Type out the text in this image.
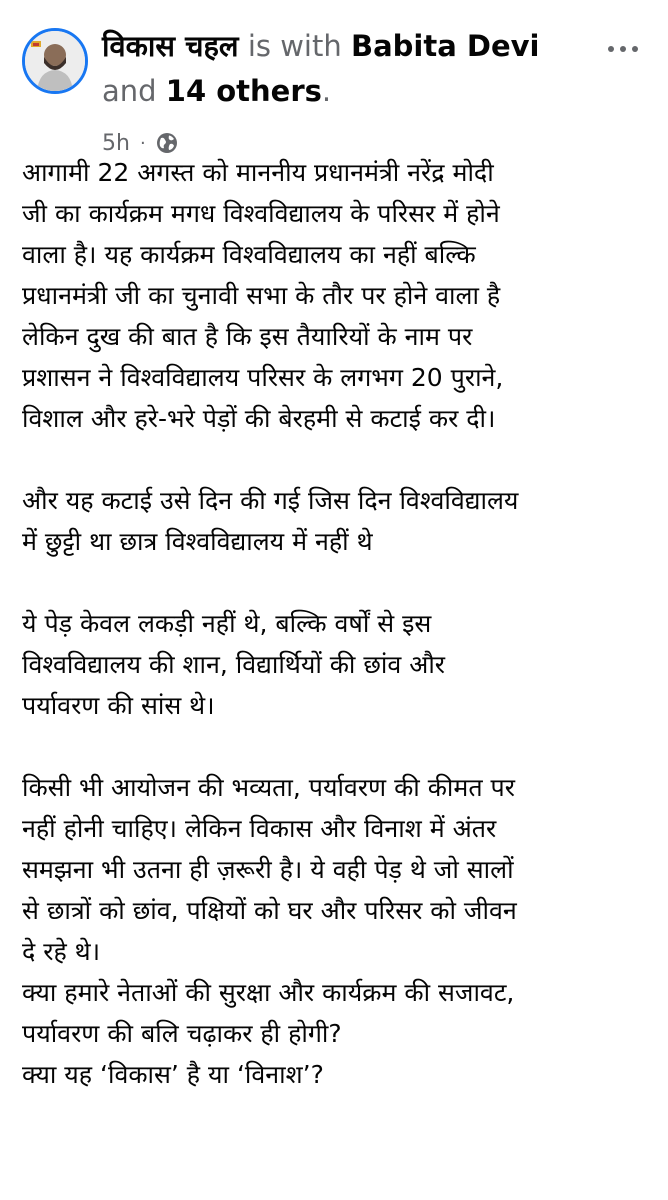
विकास चहल is with Babita Devi
and 14 others.
5h ·
आगामी 22 अगस्त को माननीय प्रधानमंत्री नरेंद्र मोदी
जी का कार्यक्रम मगध विश्वविद्यालय के परिसर में होने
वाला है। यह कार्यक्रम विश्वविद्यालय का नहीं बल्कि
प्रधानमंत्री जी का चुनावी सभा के तौर पर होने वाला है
लेकिन दुख की बात है कि इस तैयारियों के नाम पर
प्रशासन ने विश्वविद्यालय परिसर के लगभग 20 पुराने,
विशाल और हरे-भरे पेड़ों की बेरहमी से कटाई कर दी।
और यह कटाई उसे दिन की गई जिस दिन विश्वविद्यालय
में छुट्टी था छात्र विश्वविद्यालय में नहीं थे
ये पेड़ केवल लकड़ी नहीं थे, बल्कि वर्षों से इस
विश्वविद्यालय की शान, विद्यार्थियों की छांव और
पर्यावरण की सांस थे।
किसी भी आयोजन की भव्यता, पर्यावरण की कीमत पर
नहीं होनी चाहिए। लेकिन विकास और विनाश में अंतर
समझना भी उतना ही ज़रूरी है। ये वही पेड़ थे जो सालों
से छात्रों को छांव, पक्षियों को घर और परिसर को जीवन
दे रहे थे।
क्या हमारे नेताओं की सुरक्षा और कार्यक्रम की सजावट,
पर्यावरण की बलि चढ़ाकर ही होगी?
क्या यह ‘विकास’ है या ‘विनाश’?
